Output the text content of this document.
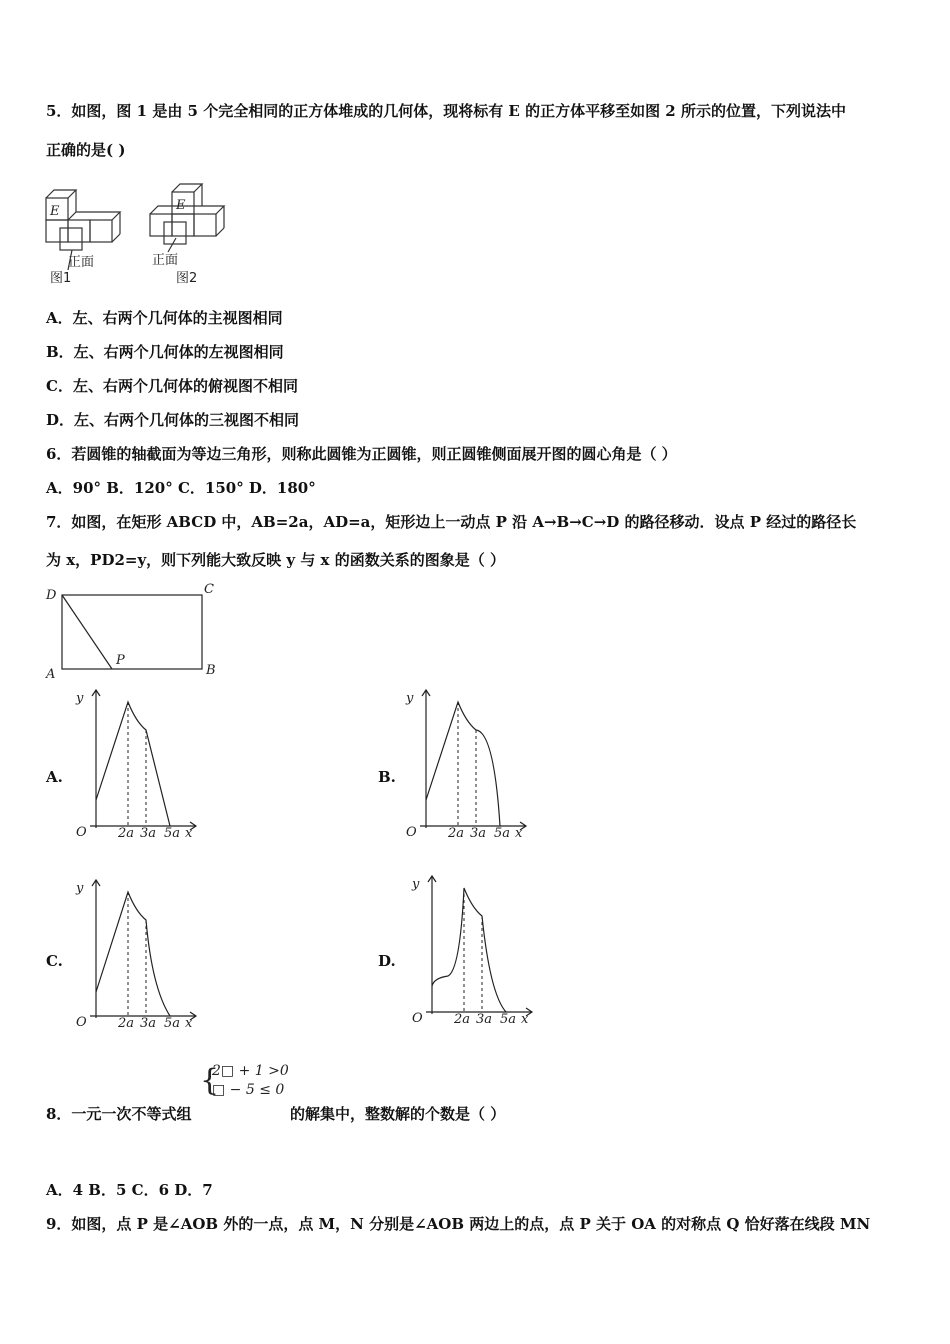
5．如图，图 1 是由 5 个完全相同的正方体堆成的几何体，现将标有 E 的正方体平移至如图 2 所示的位置，下列说法中
正确的是( )
E	E
正面	正面
图1	图2
A．左、右两个几何体的主视图相同
B．左、右两个几何体的左视图相同
C．左、右两个几何体的俯视图不相同
D．左、右两个几何体的三视图不相同
6．若圆锥的轴截面为等边三角形，则称此圆锥为正圆锥，则正圆锥侧面展开图的圆心角是（ ）
A．90° B．120° C．150° D．180°
7．如图，在矩形 ABCD 中，AB=2a，AD=a，矩形边上一动点 P 沿 A→B→C→D 的路径移动．设点 P 经过的路径长
为 x，PD2=y，则下列能大致反映 y 与 x 的函数关系的图象是（ ）
D	C
A	B
P
A.
y
O 2a 3a 5a x
B.
y
O 2a 3a 5a x
C.
y
O 2a 3a 5a x
D.
y
O 2a 3a 5a x
{
2□ + 1 >0
□ − 5 ≤ 0
8．一元一次不等式组	的解集中，整数解的个数是（ ）
A．4 B．5 C．6 D．7
9．如图，点 P 是∠AOB 外的一点，点 M，N 分别是∠AOB 两边上的点，点 P 关于 OA 的对称点 Q 恰好落在线段 MN
